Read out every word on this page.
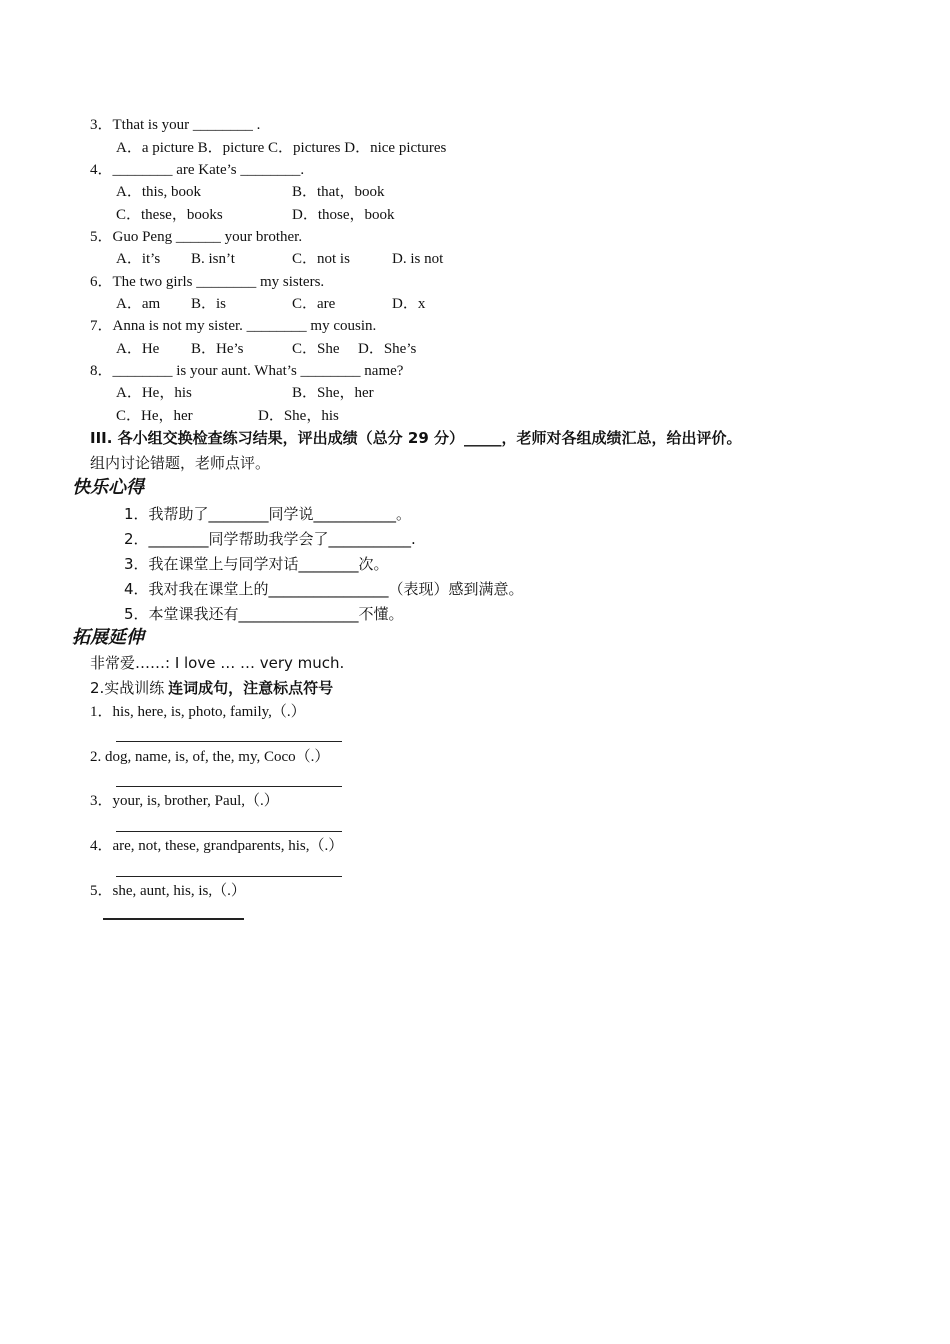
3．Tthat is your ________ .
A．a picture B．picture C．pictures D．nice pictures
4．________ are Kate’s ________.
A．this, book	B．that，book
C．these，books	D．those，book
5．Guo Peng ______ your brother.
A．it’s B. isn’t	C．not is	D. is not
6．The two girls ________ my sisters.
A．am B．is	C．are	D．x
7．Anna is not my sister. ________ my cousin.
A．He B．He’s	C．She D．She’s
8．________ is your aunt. What’s ________ name?
A．He，his	B．She，her
C．He，her	D．She，his
III. 各小组交换检查练习结果，评出成绩（总分 29 分）_____，老师对各组成绩汇总，给出评价。
组内讨论错题，老师点评。
快乐心得
1．我帮助了________同学说___________。
2．________同学帮助我学会了___________.
3．我在课堂上与同学对话________次。
4．我对我在课堂上的________________（表现）感到满意。
5．本堂课我还有________________不懂。
拓展延伸
非常爱……: I love … … very much.
2.实战训练 连词成句，注意标点符号
1．his, here, is, photo, family,（.）
2. dog, name, is, of, the, my, Coco（.）
3．your, is, brother, Paul,（.）
4．are, not, these, grandparents, his,（.）
5．she, aunt, his, is,（.）
